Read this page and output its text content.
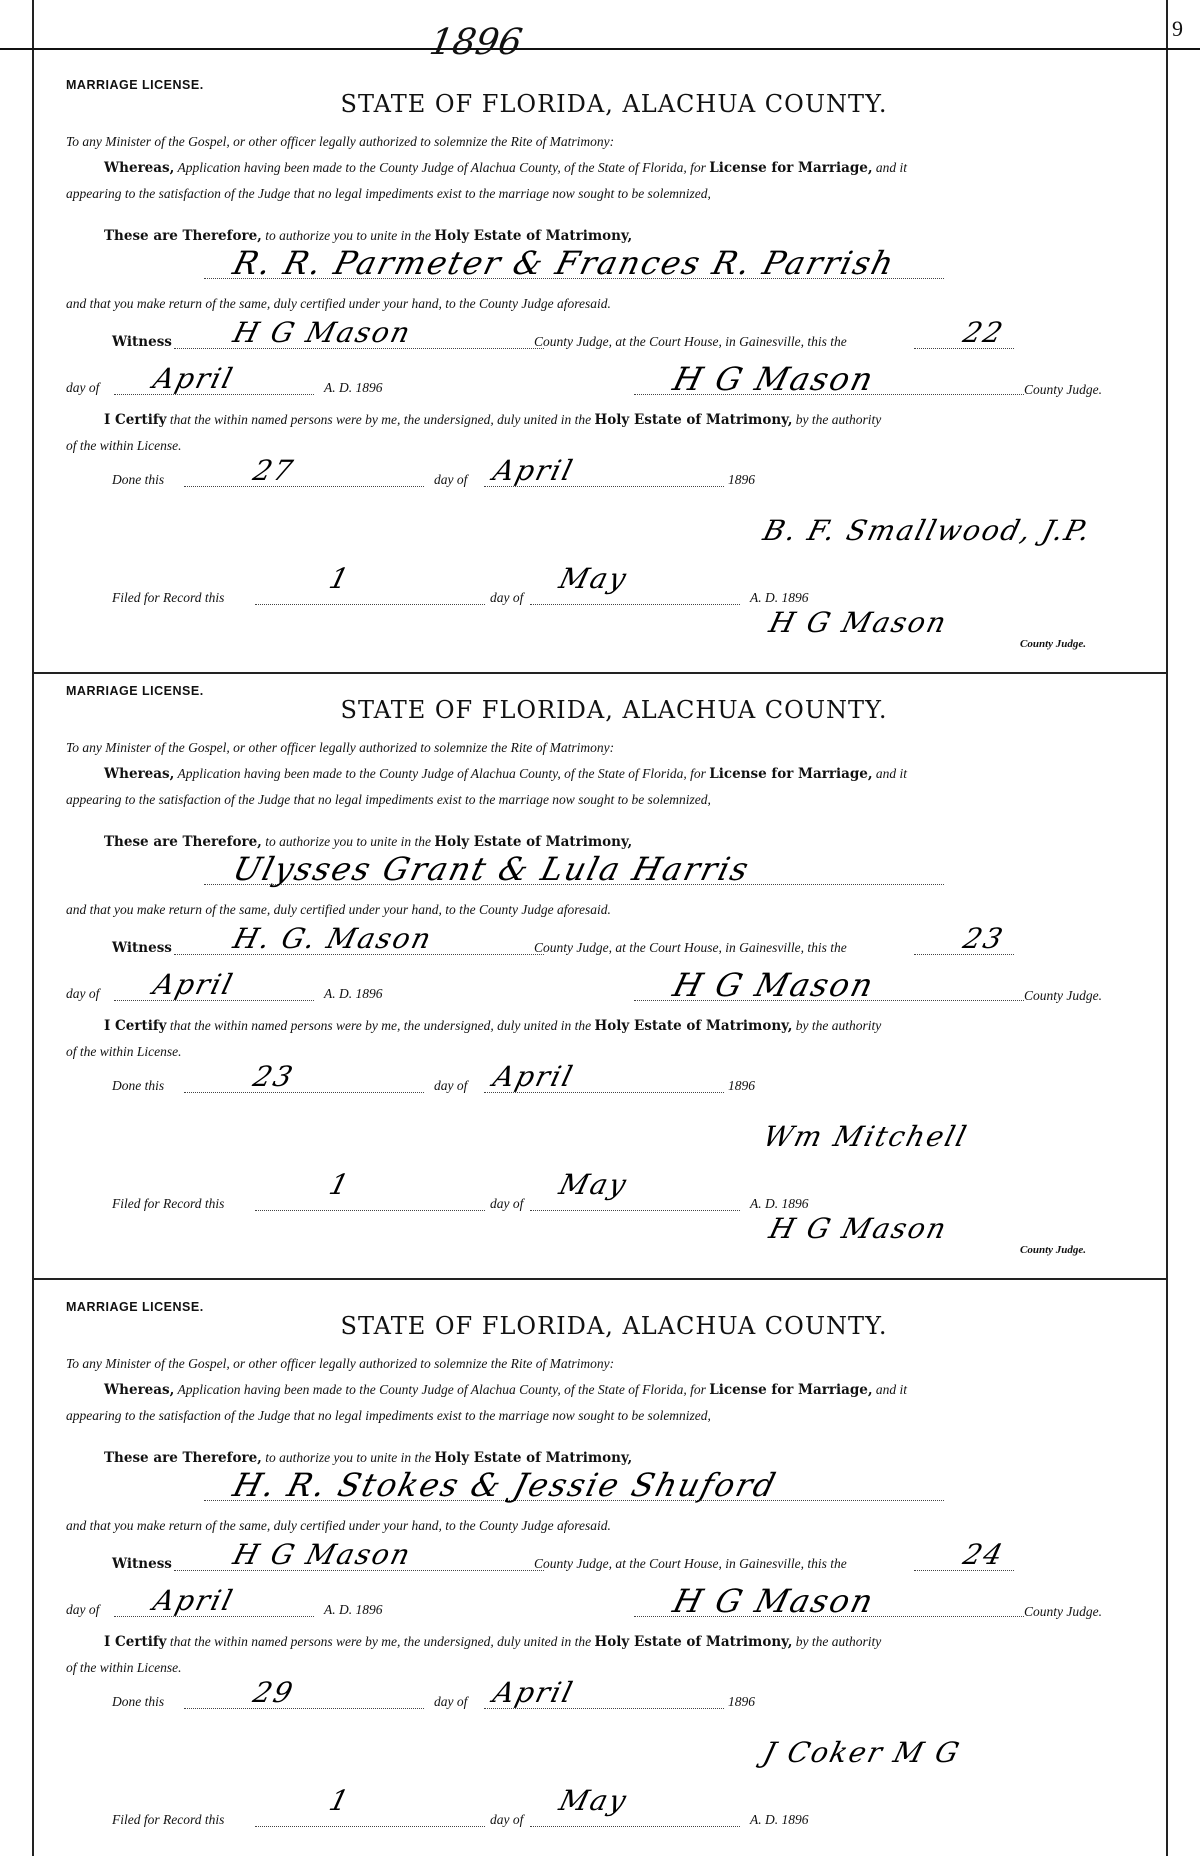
1896	9
MARRIAGE LICENSE.
STATE OF FLORIDA, ALACHUA COUNTY.
To any Minister of the Gospel, or other officer legally authorized to solemnize the Rite of Matrimony:
Whereas, Application having been made to the County Judge of Alachua County, of the State of Florida, for License for Marriage, and it
appearing to the satisfaction of the Judge that no legal impediments exist to the marriage now sought to be solemnized,
These are Therefore, to authorize you to unite in the Holy Estate of Matrimony,
R. R. Parmeter & Frances R. Parrish
and that you make return of the same, duly certified under your hand, to the County Judge aforesaid.
Witness H G Mason	County Judge, at the Court House, in Gainesville, this the	22
day of April	A. D. 1896	H G Mason	County Judge.
I Certify that the within named persons were by me, the undersigned, duly united in the Holy Estate of Matrimony, by the authority
of the within License.
Done this	27	day of April	1896
B. F. Smallwood, J.P.
MARRIAGE LICENSE.
STATE OF FLORIDA, ALACHUA COUNTY.
To any Minister of the Gospel, or other officer legally authorized to solemnize the Rite of Matrimony:
Whereas, Application having been made to the County Judge of Alachua County, of the State of Florida, for License for Marriage, and it
appearing to the satisfaction of the Judge that no legal impediments exist to the marriage now sought to be solemnized,
These are Therefore, to authorize you to unite in the Holy Estate of Matrimony,
Ulysses Grant & Lula Harris
and that you make return of the same, duly certified under your hand, to the County Judge aforesaid.
Witness H. G. Mason	County Judge, at the Court House, in Gainesville, this the	23
day of April	A. D. 1896	H G Mason	County Judge.
I Certify that the within named persons were by me, the undersigned, duly united in the Holy Estate of Matrimony, by the authority
of the within License.
Done this	23	day of April	1896
Wm Mitchell
MARRIAGE LICENSE.
STATE OF FLORIDA, ALACHUA COUNTY.
To any Minister of the Gospel, or other officer legally authorized to solemnize the Rite of Matrimony:
Whereas, Application having been made to the County Judge of Alachua County, of the State of Florida, for License for Marriage, and it
appearing to the satisfaction of the Judge that no legal impediments exist to the marriage now sought to be solemnized,
These are Therefore, to authorize you to unite in the Holy Estate of Matrimony,
H. R. Stokes & Jessie Shuford
and that you make return of the same, duly certified under your hand, to the County Judge aforesaid.
Witness H G Mason	County Judge, at the Court House, in Gainesville, this the	24
day of April	A. D. 1896	H G Mason	County Judge.
I Certify that the within named persons were by me, the undersigned, duly united in the Holy Estate of Matrimony, by the authority
of the within License.
Done this	29	day of April	1896
J Coker M G
Filed for Record this
1
day of
May
A. D. 1896
H G Mason
County Judge.
Filed for Record this
1
day of
May
A. D. 1896
H G Mason
County Judge.
Filed for Record this
1
day of
May
A. D. 1896
